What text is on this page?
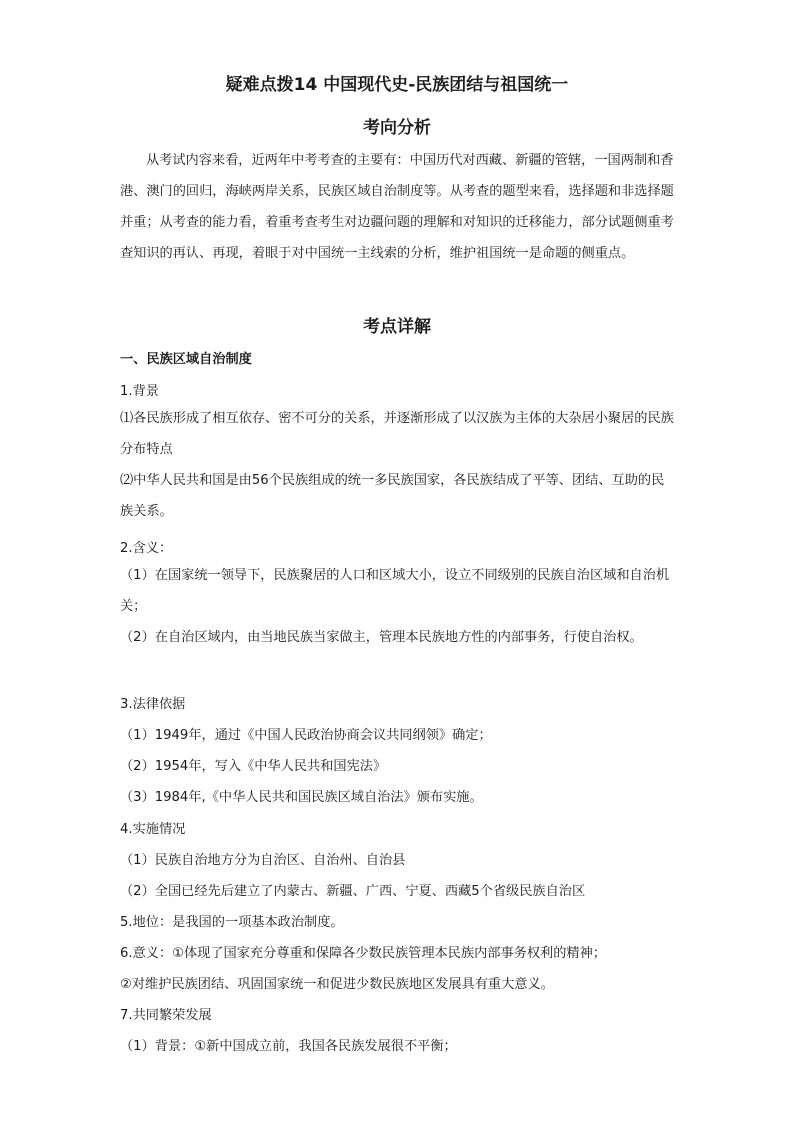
疑难点拨14 中国现代史-民族团结与祖国统一
考向分析
从考试内容来看，近两年中考考查的主要有：中国历代对西藏、新疆的管辖，一国两制和香港、澳门的回归，海峡两岸关系，民族区域自治制度等。从考查的题型来看，选择题和非选择题并重；从考查的能力看，着重考查考生对边疆问题的理解和对知识的迁移能力，部分试题侧重考查知识的再认、再现，着眼于对中国统一主线索的分析，维护祖国统一是命题的侧重点。
考点详解
一、民族区域自治制度
1.背景
⑴各民族形成了相互依存、密不可分的关系，并逐渐形成了以汉族为主体的大杂居小聚居的民族分布特点
⑵中华人民共和国是由56个民族组成的统一多民族国家，各民族结成了平等、团结、互助的民族关系。
2.含义：
（1）在国家统一领导下，民族聚居的人口和区域大小，设立不同级别的民族自治区域和自治机关；
（2）在自治区域内，由当地民族当家做主，管理本民族地方性的内部事务，行使自治权。
3.法律依据
（1）1949年，通过《中国人民政治协商会议共同纲领》确定；
（2）1954年，写入《中华人民共和国宪法》
（3）1984年,《中华人民共和国民族区域自治法》颁布实施。
4.实施情况
（1）民族自治地方分为自治区、自治州、自治县
（2）全国已经先后建立了内蒙古、新疆、广西、宁夏、西藏5个省级民族自治区
5.地位：是我国的一项基本政治制度。
6.意义：①体现了国家充分尊重和保障各少数民族管理本民族内部事务权利的精神；
②对维护民族团结、巩固国家统一和促进少数民族地区发展具有重大意义。
7.共同繁荣发展
（1）背景：①新中国成立前，我国各民族发展很不平衡；
